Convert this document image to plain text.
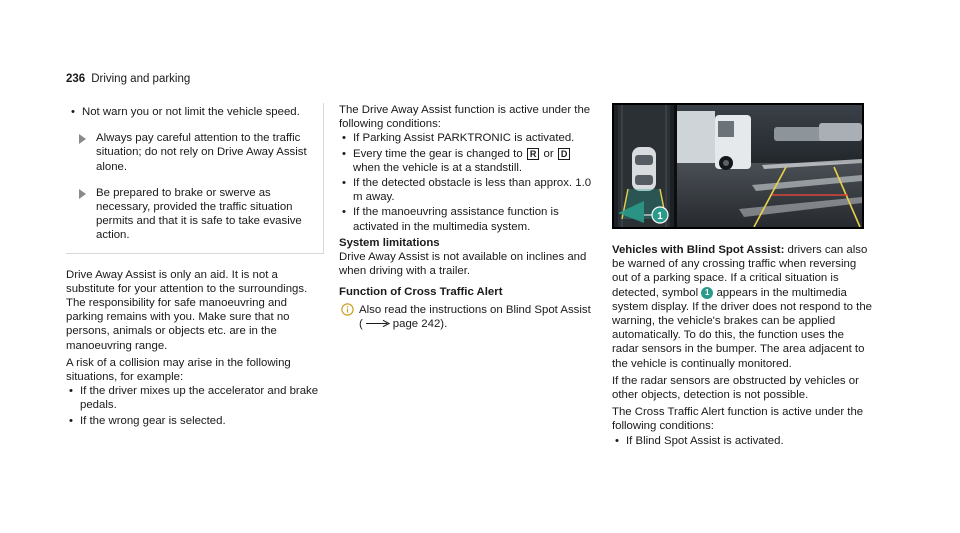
236 Driving and parking
• Not warn you or not limit the vehicle speed.
Always pay careful attention to the traffic situation; do not rely on Drive Away Assist alone.
Be prepared to brake or swerve as necessary, provided the traffic situation permits and that it is safe to take evasive action.

Drive Away Assist is only an aid. It is not a substitute for your attention to the surroundings. The responsibility for safe manoeuvring and parking remains with you. Make sure that no persons, animals or objects etc. are in the manoeuvring range.

A risk of a collision may arise in the following situations, for example:

• If the driver mixes up the accelerator and brake pedals.
• If the wrong gear is selected.

The Drive Away Assist function is active under the following conditions:

• If Parking Assist PARKTRONIC is activated.
• Every time the gear is changed to R or D when the vehicle is at a standstill.
• If the detected obstacle is less than approx. 1.0 m away.
• If the manoeuvring assistance function is activated in the multimedia system.

System limitations

Drive Away Assist is not available on inclines and when driving with a trailer.

Function of Cross Traffic Alert

Also read the instructions on Blind Spot Assist (	page 242).
1

Vehicles with Blind Spot Assist: drivers can also be warned of any crossing traffic when reversing out of a parking space. If a critical situation is detected, symbol 1 appears in the multimedia system display. If the driver does not respond to the warning, the vehicle's brakes can be applied automatically. To do this, the function uses the radar sensors in the bumper. The area adjacent to the vehicle is continually monitored.

If the radar sensors are obstructed by vehicles or other objects, detection is not possible.

The Cross Traffic Alert function is active under the following conditions:

• If Blind Spot Assist is activated.
